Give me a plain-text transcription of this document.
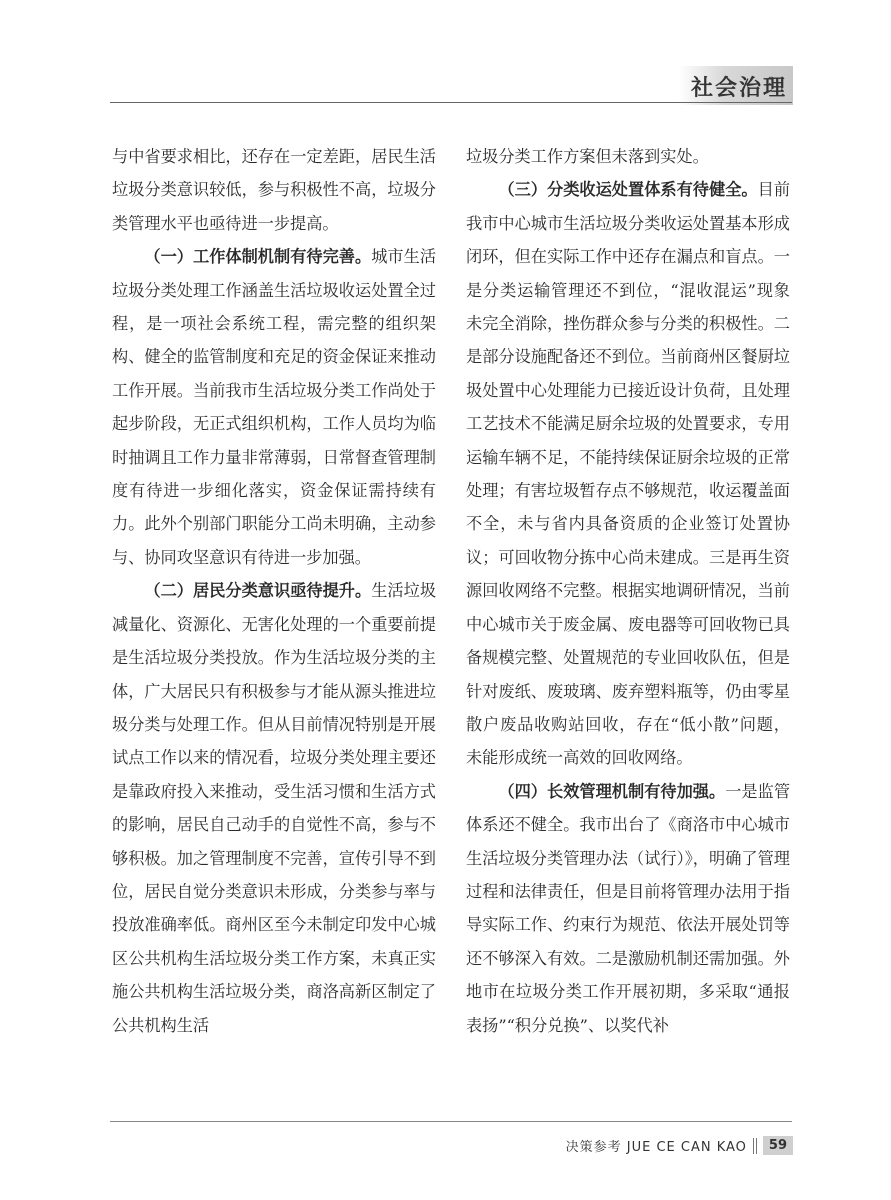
社会治理

与中省要求相比，还存在一定差距，居民生活垃圾分类意识较低，参与积极性不高，垃圾分类管理水平也亟待进一步提高。

（一）工作体制机制有待完善。城市生活垃圾分类处理工作涵盖生活垃圾收运处置全过程，是一项社会系统工程，需完整的组织架构、健全的监管制度和充足的资金保证来推动工作开展。当前我市生活垃圾分类工作尚处于起步阶段，无正式组织机构，工作人员均为临时抽调且工作力量非常薄弱，日常督查管理制度有待进一步细化落实，资金保证需持续有力。此外个别部门职能分工尚未明确，主动参与、协同攻坚意识有待进一步加强。

（二）居民分类意识亟待提升。生活垃圾减量化、资源化、无害化处理的一个重要前提是生活垃圾分类投放。作为生活垃圾分类的主体，广大居民只有积极参与才能从源头推进垃圾分类与处理工作。但从目前情况特别是开展试点工作以来的情况看，垃圾分类处理主要还是靠政府投入来推动，受生活习惯和生活方式的影响，居民自己动手的自觉性不高，参与不够积极。加之管理制度不完善，宣传引导不到位，居民自觉分类意识未形成，分类参与率与投放准确率低。商州区至今未制定印发中心城区公共机构生活垃圾分类工作方案，未真正实施公共机构生活垃圾分类，商洛高新区制定了公共机构生活

垃圾分类工作方案但未落到实处。

（三）分类收运处置体系有待健全。目前我市中心城市生活垃圾分类收运处置基本形成闭环，但在实际工作中还存在漏点和盲点。一是分类运输管理还不到位，“混收混运”现象未完全消除，挫伤群众参与分类的积极性。二是部分设施配备还不到位。当前商州区餐厨垃圾处置中心处理能力已接近设计负荷，且处理工艺技术不能满足厨余垃圾的处置要求，专用运输车辆不足，不能持续保证厨余垃圾的正常处理；有害垃圾暂存点不够规范，收运覆盖面不全，未与省内具备资质的企业签订处置协议；可回收物分拣中心尚未建成。三是再生资源回收网络不完整。根据实地调研情况，当前中心城市关于废金属、废电器等可回收物已具备规模完整、处置规范的专业回收队伍，但是针对废纸、废玻璃、废弃塑料瓶等，仍由零星散户废品收购站回收，存在“低小散”问题，未能形成统一高效的回收网络。

（四）长效管理机制有待加强。一是监管体系还不健全。我市出台了《商洛市中心城市生活垃圾分类管理办法（试行）》，明确了管理过程和法律责任，但是目前将管理办法用于指导实际工作、约束行为规范、依法开展处罚等还不够深入有效。二是激励机制还需加强。外地市在垃圾分类工作开展初期，多采取“通报表扬”“积分兑换”、以奖代补

决策参考 JUE CE CAN KAO	59
